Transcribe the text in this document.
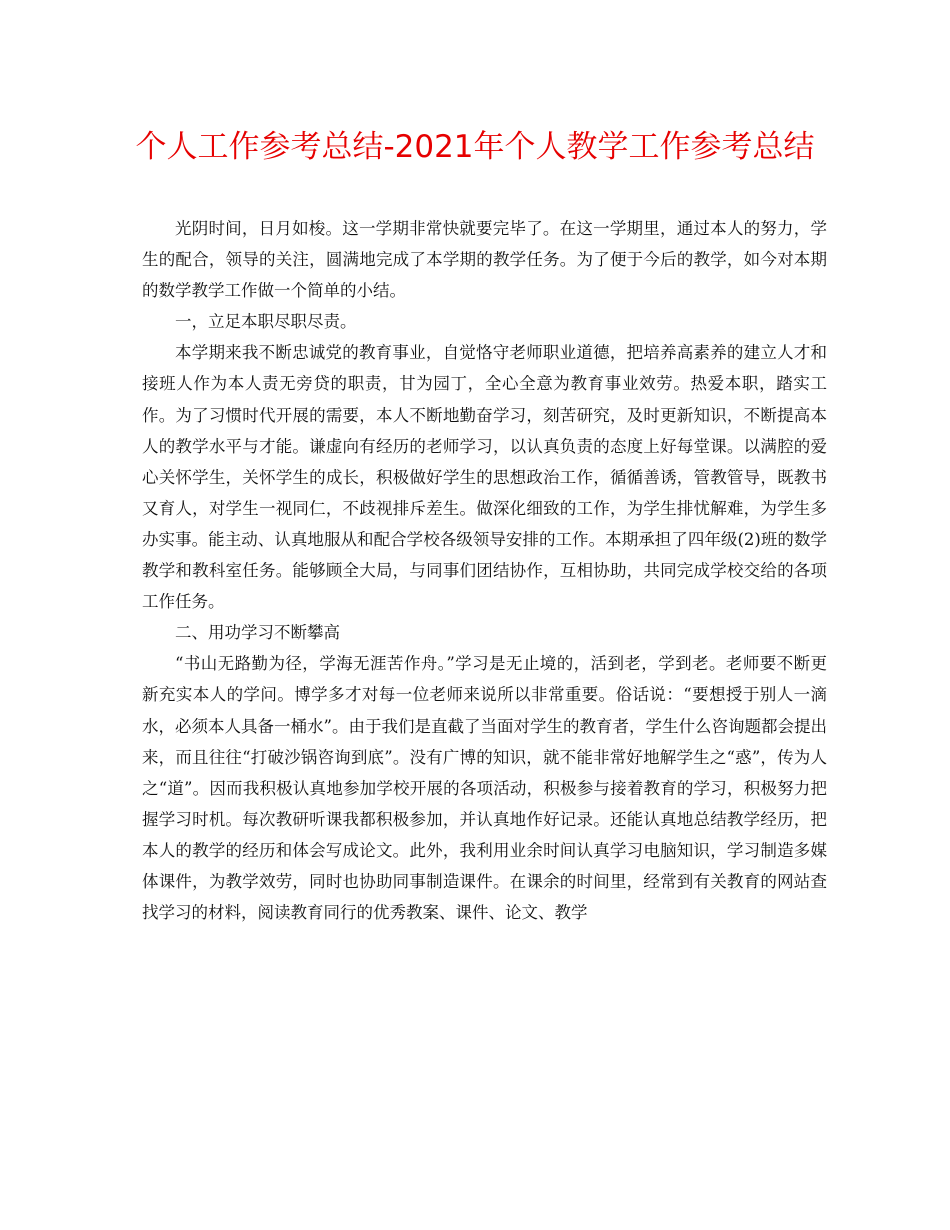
个人工作参考总结-2021年个人教学工作参考总结

光阴时间，日月如梭。这一学期非常快就要完毕了。在这一学期里，通过本人的努力，学生的配合，领导的关注，圆满地完成了本学期的教学任务。为了便于今后的教学，如今对本期的数学教学工作做一个简单的小结。

一，立足本职尽职尽责。

本学期来我不断忠诚党的教育事业，自觉恪守老师职业道德，把培养高素养的建立人才和接班人作为本人责无旁贷的职责，甘为园丁，全心全意为教育事业效劳。热爱本职，踏实工作。为了习惯时代开展的需要，本人不断地勤奋学习，刻苦研究，及时更新知识，不断提高本人的教学水平与才能。谦虚向有经历的老师学习，以认真负责的态度上好每堂课。以满腔的爱心关怀学生，关怀学生的成长，积极做好学生的思想政治工作，循循善诱，管教管导，既教书又育人，对学生一视同仁，不歧视排斥差生。做深化细致的工作，为学生排忧解难，为学生多办实事。能主动、认真地服从和配合学校各级领导安排的工作。本期承担了四年级(2)班的数学教学和教科室任务。能够顾全大局，与同事们团结协作，互相协助，共同完成学校交给的各项工作任务。

二、用功学习不断攀高

“书山无路勤为径，学海无涯苦作舟。”学习是无止境的，活到老，学到老。老师要不断更新充实本人的学问。博学多才对每一位老师来说所以非常重要。俗话说：“要想授于别人一滴水，必须本人具备一桶水”。由于我们是直截了当面对学生的教育者，学生什么咨询题都会提出来，而且往往“打破沙锅咨询到底”。没有广博的知识，就不能非常好地解学生之“惑”，传为人之“道”。因而我积极认真地参加学校开展的各项活动，积极参与接着教育的学习，积极努力把握学习时机。每次教研听课我都积极参加，并认真地作好记录。还能认真地总结教学经历，把本人的教学的经历和体会写成论文。此外，我利用业余时间认真学习电脑知识，学习制造多媒体课件，为教学效劳，同时也协助同事制造课件。在课余的时间里，经常到有关教育的网站查找学习的材料，阅读教育同行的优秀教案、课件、论文、教学
